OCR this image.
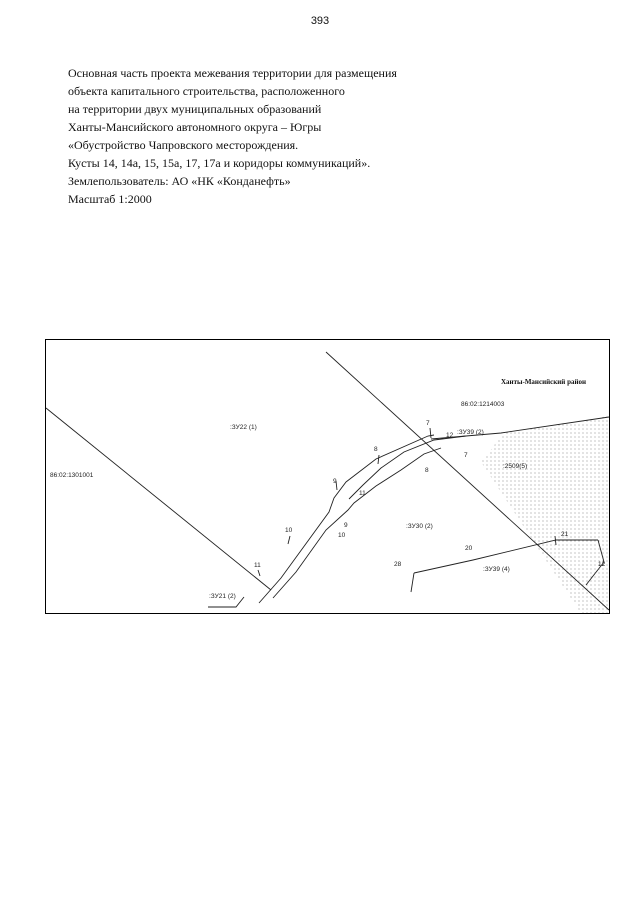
393
Основная часть проекта межевания территории для размещения
объекта капитального строительства, расположенного
на территории двух муниципальных образований
Ханты-Мансийского автономного округа – Югры
«Обустройство Чапровского месторождения.
Кусты 14, 14а, 15, 15а, 17, 17а и коридоры коммуникаций».
Землепользователь: АО «НК «Конданефть»
Масштаб 1:2000
Ханты-Мансийский район
86:02:1214003
86:02:1301001
:ЗУ22 (1)
:ЗУ39 (2)
:2509(5)
:ЗУ30 (2)
:ЗУ39 (4)
:ЗУ21 (2)
7
12
7
8
8
9
11
9
10
10
11
20
21
28	12
